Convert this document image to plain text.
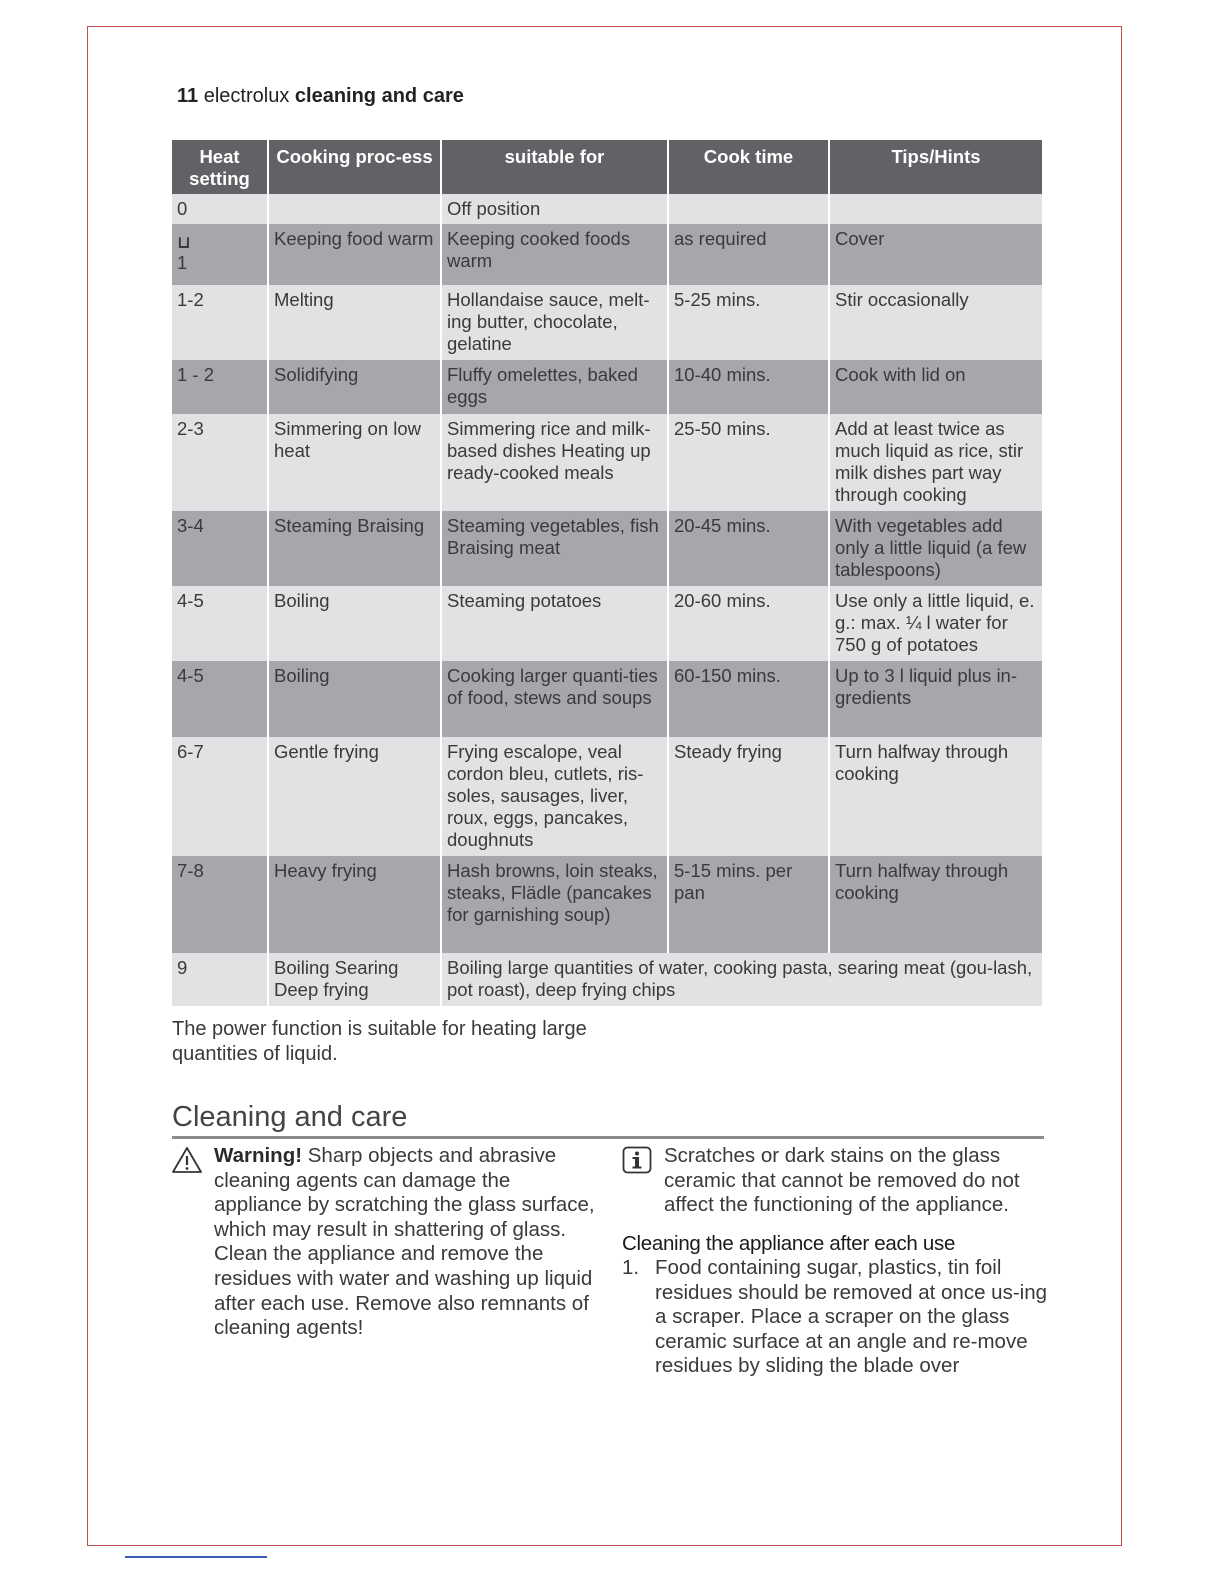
11 electrolux cleaning and care
Heat setting	Cooking proc-ess	suitable for	Cook time	Tips/Hints
0		Off position		

⊔
1	Keeping food warm	Keeping cooked foods warm	as required	Cover
1-2	Melting	Hollandaise sauce, melt-ing butter, chocolate, gelatine	5-25 mins.	Stir occasionally
1 - 2	Solidifying	Fluffy omelettes, baked eggs	10-40 mins.	Cook with lid on
2-3	Simmering on low heat	Simmering rice and milk-based dishes Heating up ready-cooked meals	25-50 mins.	Add at least twice as much liquid as rice, stir milk dishes part way through cooking
3-4	Steaming Braising	Steaming vegetables, fish Braising meat	20-45 mins.	With vegetables add only a little liquid (a few tablespoons)
4-5	Boiling	Steaming potatoes	20-60 mins.	Use only a little liquid, e. g.: max. ¼ l water for 750 g of potatoes
4-5	Boiling	Cooking larger quanti-ties of food, stews and soups	60-150 mins.	Up to 3 l liquid plus in-gredients
6-7	Gentle frying	Frying escalope, veal cordon bleu, cutlets, ris-soles, sausages, liver, roux, eggs, pancakes, doughnuts	Steady frying	Turn halfway through cooking
7-8	Heavy frying	Hash browns, loin steaks, steaks, Flädle (pancakes for garnishing soup)	5-15 mins. per pan	Turn halfway through cooking
9	Boiling Searing Deep frying	Boiling large quantities of water, cooking pasta, searing meat (gou-lash, pot roast), deep frying chips		
The power function is suitable for heating large quantities of liquid.
Cleaning and care
Warning! Sharp objects and abrasive cleaning agents can damage the appliance by scratching the glass surface, which may result in shattering of glass. Clean the appliance and remove the residues with water and washing up liquid after each use. Remove also remnants of cleaning agents!
Scratches or dark stains on the glass ceramic that cannot be removed do not affect the functioning of the appliance.
Cleaning the appliance after each use
1. Food containing sugar, plastics, tin foil residues should be removed at once us-ing a scraper. Place a scraper on the glass ceramic surface at an angle and re-move residues by sliding the blade over
